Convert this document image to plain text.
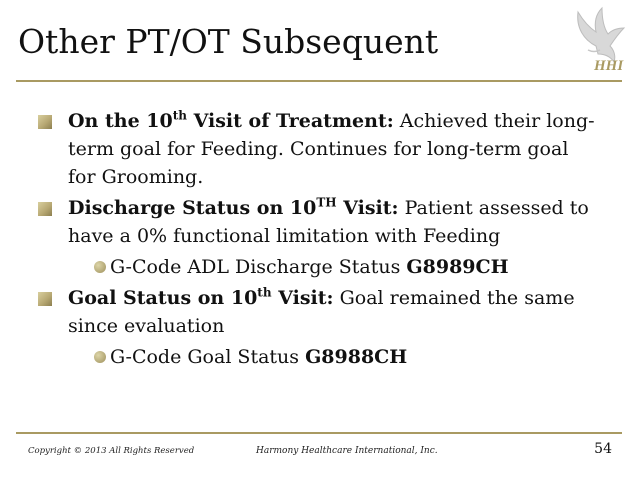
Other PT/OT Subsequent
HHI
On the 10th Visit of Treatment: Achieved their long-term goal for Feeding. Continues for long-term goal for Grooming.
Discharge Status on 10TH Visit: Patient assessed to have a 0% functional limitation with Feeding
G-Code ADL Discharge Status G8989CH
Goal Status on 10th Visit: Goal remained the same since evaluation
G-Code Goal Status G8988CH
Copyright © 2013 All Rights Reserved	Harmony Healthcare International, Inc.	54
